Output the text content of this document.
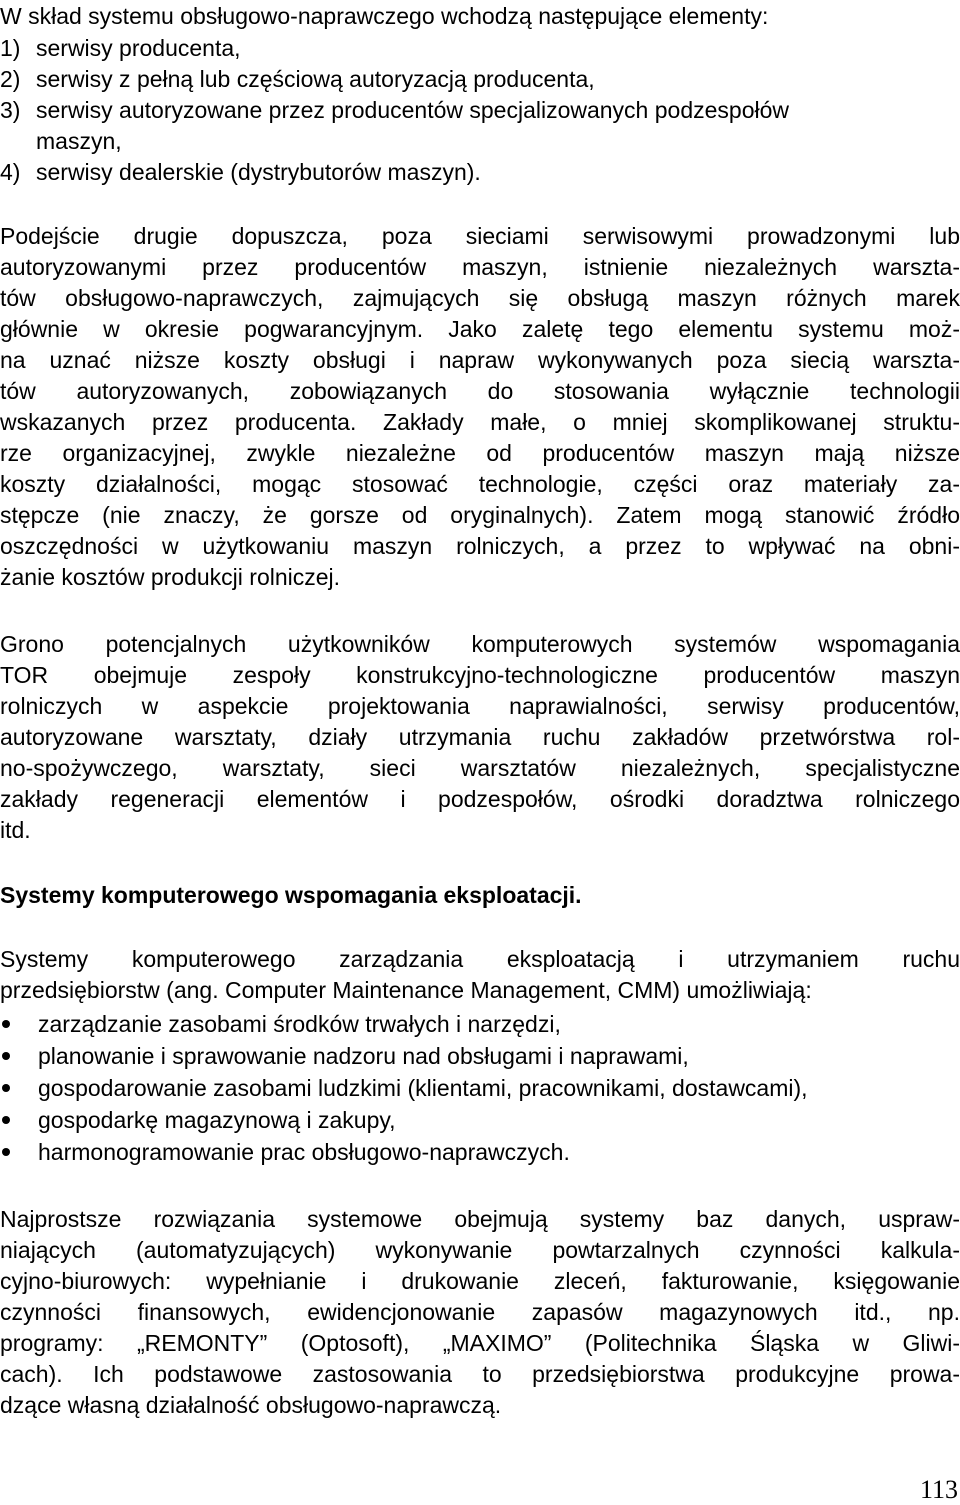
W skład systemu obsługowo-naprawczego wchodzą następujące elementy:
1) serwisy producenta,
2) serwisy z pełną lub częściową autoryzacją producenta,
3) serwisy autoryzowane przez producentów specjalizowanych podzespołów
maszyn,
4) serwisy dealerskie (dystrybutorów maszyn).
Podejście drugie dopuszcza, poza sieciami serwisowymi prowadzonymi lub
autoryzowanymi przez producentów maszyn, istnienie niezależnych warszta-
tów obsługowo-naprawczych, zajmujących się obsługą maszyn różnych marek
głównie w okresie pogwarancyjnym. Jako zaletę tego elementu systemu moż-
na uznać niższe koszty obsługi i napraw wykonywanych poza siecią warszta-
tów autoryzowanych, zobowiązanych do stosowania wyłącznie technologii
wskazanych przez producenta. Zakłady małe, o mniej skomplikowanej struktu-
rze organizacyjnej, zwykle niezależne od producentów maszyn mają niższe
koszty działalności, mogąc stosować technologie, części oraz materiały za-
stępcze (nie znaczy, że gorsze od oryginalnych). Zatem mogą stanowić źródło
oszczędności w użytkowaniu maszyn rolniczych, a przez to wpływać na obni-
żanie kosztów produkcji rolniczej.
Grono potencjalnych użytkowników komputerowych systemów wspomagania
TOR obejmuje zespoły konstrukcyjno-technologiczne producentów maszyn
rolniczych w aspekcie projektowania naprawialności, serwisy producentów,
autoryzowane warsztaty, działy utrzymania ruchu zakładów przetwórstwa rol-
no-spożywczego, warsztaty, sieci warsztatów niezależnych, specjalistyczne
zakłady regeneracji elementów i podzespołów, ośrodki doradztwa rolniczego
itd.
Systemy komputerowego wspomagania eksploatacji.
Systemy komputerowego zarządzania eksploatacją i utrzymaniem ruchu
przedsiębiorstw (ang. Computer Maintenance Management, CMM) umożliwiają:
zarządzanie zasobami środków trwałych i narzędzi,
planowanie i sprawowanie nadzoru nad obsługami i naprawami,
gospodarowanie zasobami ludzkimi (klientami, pracownikami, dostawcami),
gospodarkę magazynową i zakupy,
harmonogramowanie prac obsługowo-naprawczych.
Najprostsze rozwiązania systemowe obejmują systemy baz danych, uspraw-
niających (automatyzujących) wykonywanie powtarzalnych czynności kalkula-
cyjno-biurowych: wypełnianie i drukowanie zleceń, fakturowanie, księgowanie
czynności finansowych, ewidencjonowanie zapasów magazynowych itd., np.
programy: „REMONTY” (Optosoft), „MAXIMO” (Politechnika Śląska w Gliwi-
cach). Ich podstawowe zastosowania to przedsiębiorstwa produkcyjne prowa-
dzące własną działalność obsługowo-naprawczą.
113
